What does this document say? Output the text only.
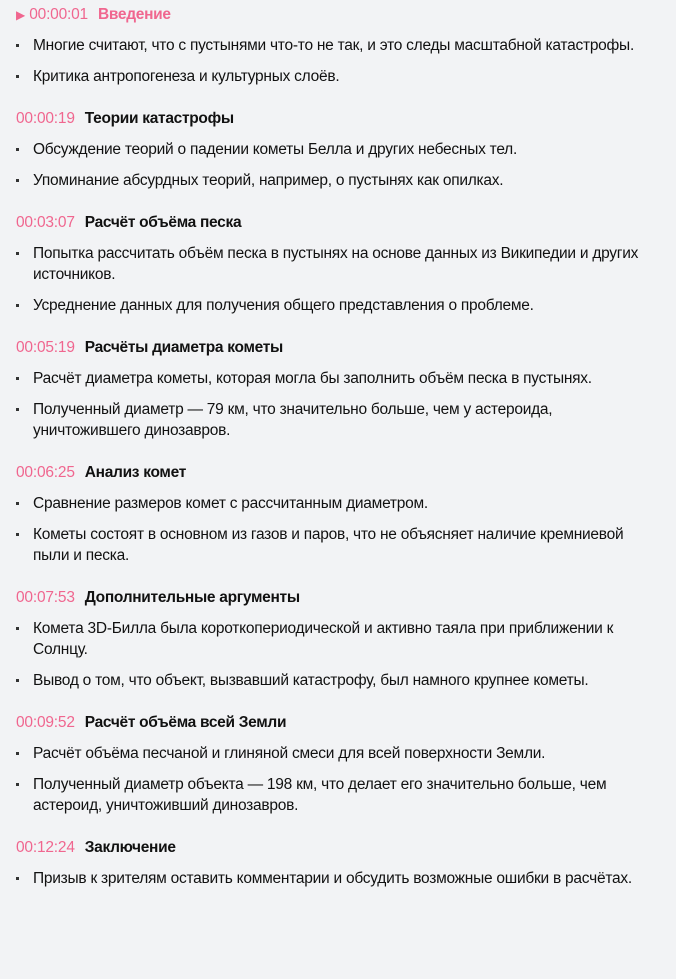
▶ 00:00:01 Введение
Многие считают, что с пустынями что-то не так, и это следы масштабной катастрофы.
Критика антропогенеза и культурных слоёв.
00:00:19 Теории катастрофы
Обсуждение теорий о падении кометы Белла и других небесных тел.
Упоминание абсурдных теорий, например, о пустынях как опилках.
00:03:07 Расчёт объёма песка
Попытка рассчитать объём песка в пустынях на основе данных из Википедии и других источников.
Усреднение данных для получения общего представления о проблеме.
00:05:19 Расчёты диаметра кометы
Расчёт диаметра кометы, которая могла бы заполнить объём песка в пустынях.
Полученный диаметр — 79 км, что значительно больше, чем у астероида, уничтожившего динозавров.
00:06:25 Анализ комет
Сравнение размеров комет с рассчитанным диаметром.
Кометы состоят в основном из газов и паров, что не объясняет наличие кремниевой пыли и песка.
00:07:53 Дополнительные аргументы
Комета 3D-Билла была короткопериодической и активно таяла при приближении к Солнцу.
Вывод о том, что объект, вызвавший катастрофу, был намного крупнее кометы.
00:09:52 Расчёт объёма всей Земли
Расчёт объёма песчаной и глиняной смеси для всей поверхности Земли.
Полученный диаметр объекта — 198 км, что делает его значительно больше, чем астероид, уничтоживший динозавров.
00:12:24 Заключение
Призыв к зрителям оставить комментарии и обсудить возможные ошибки в расчётах.
